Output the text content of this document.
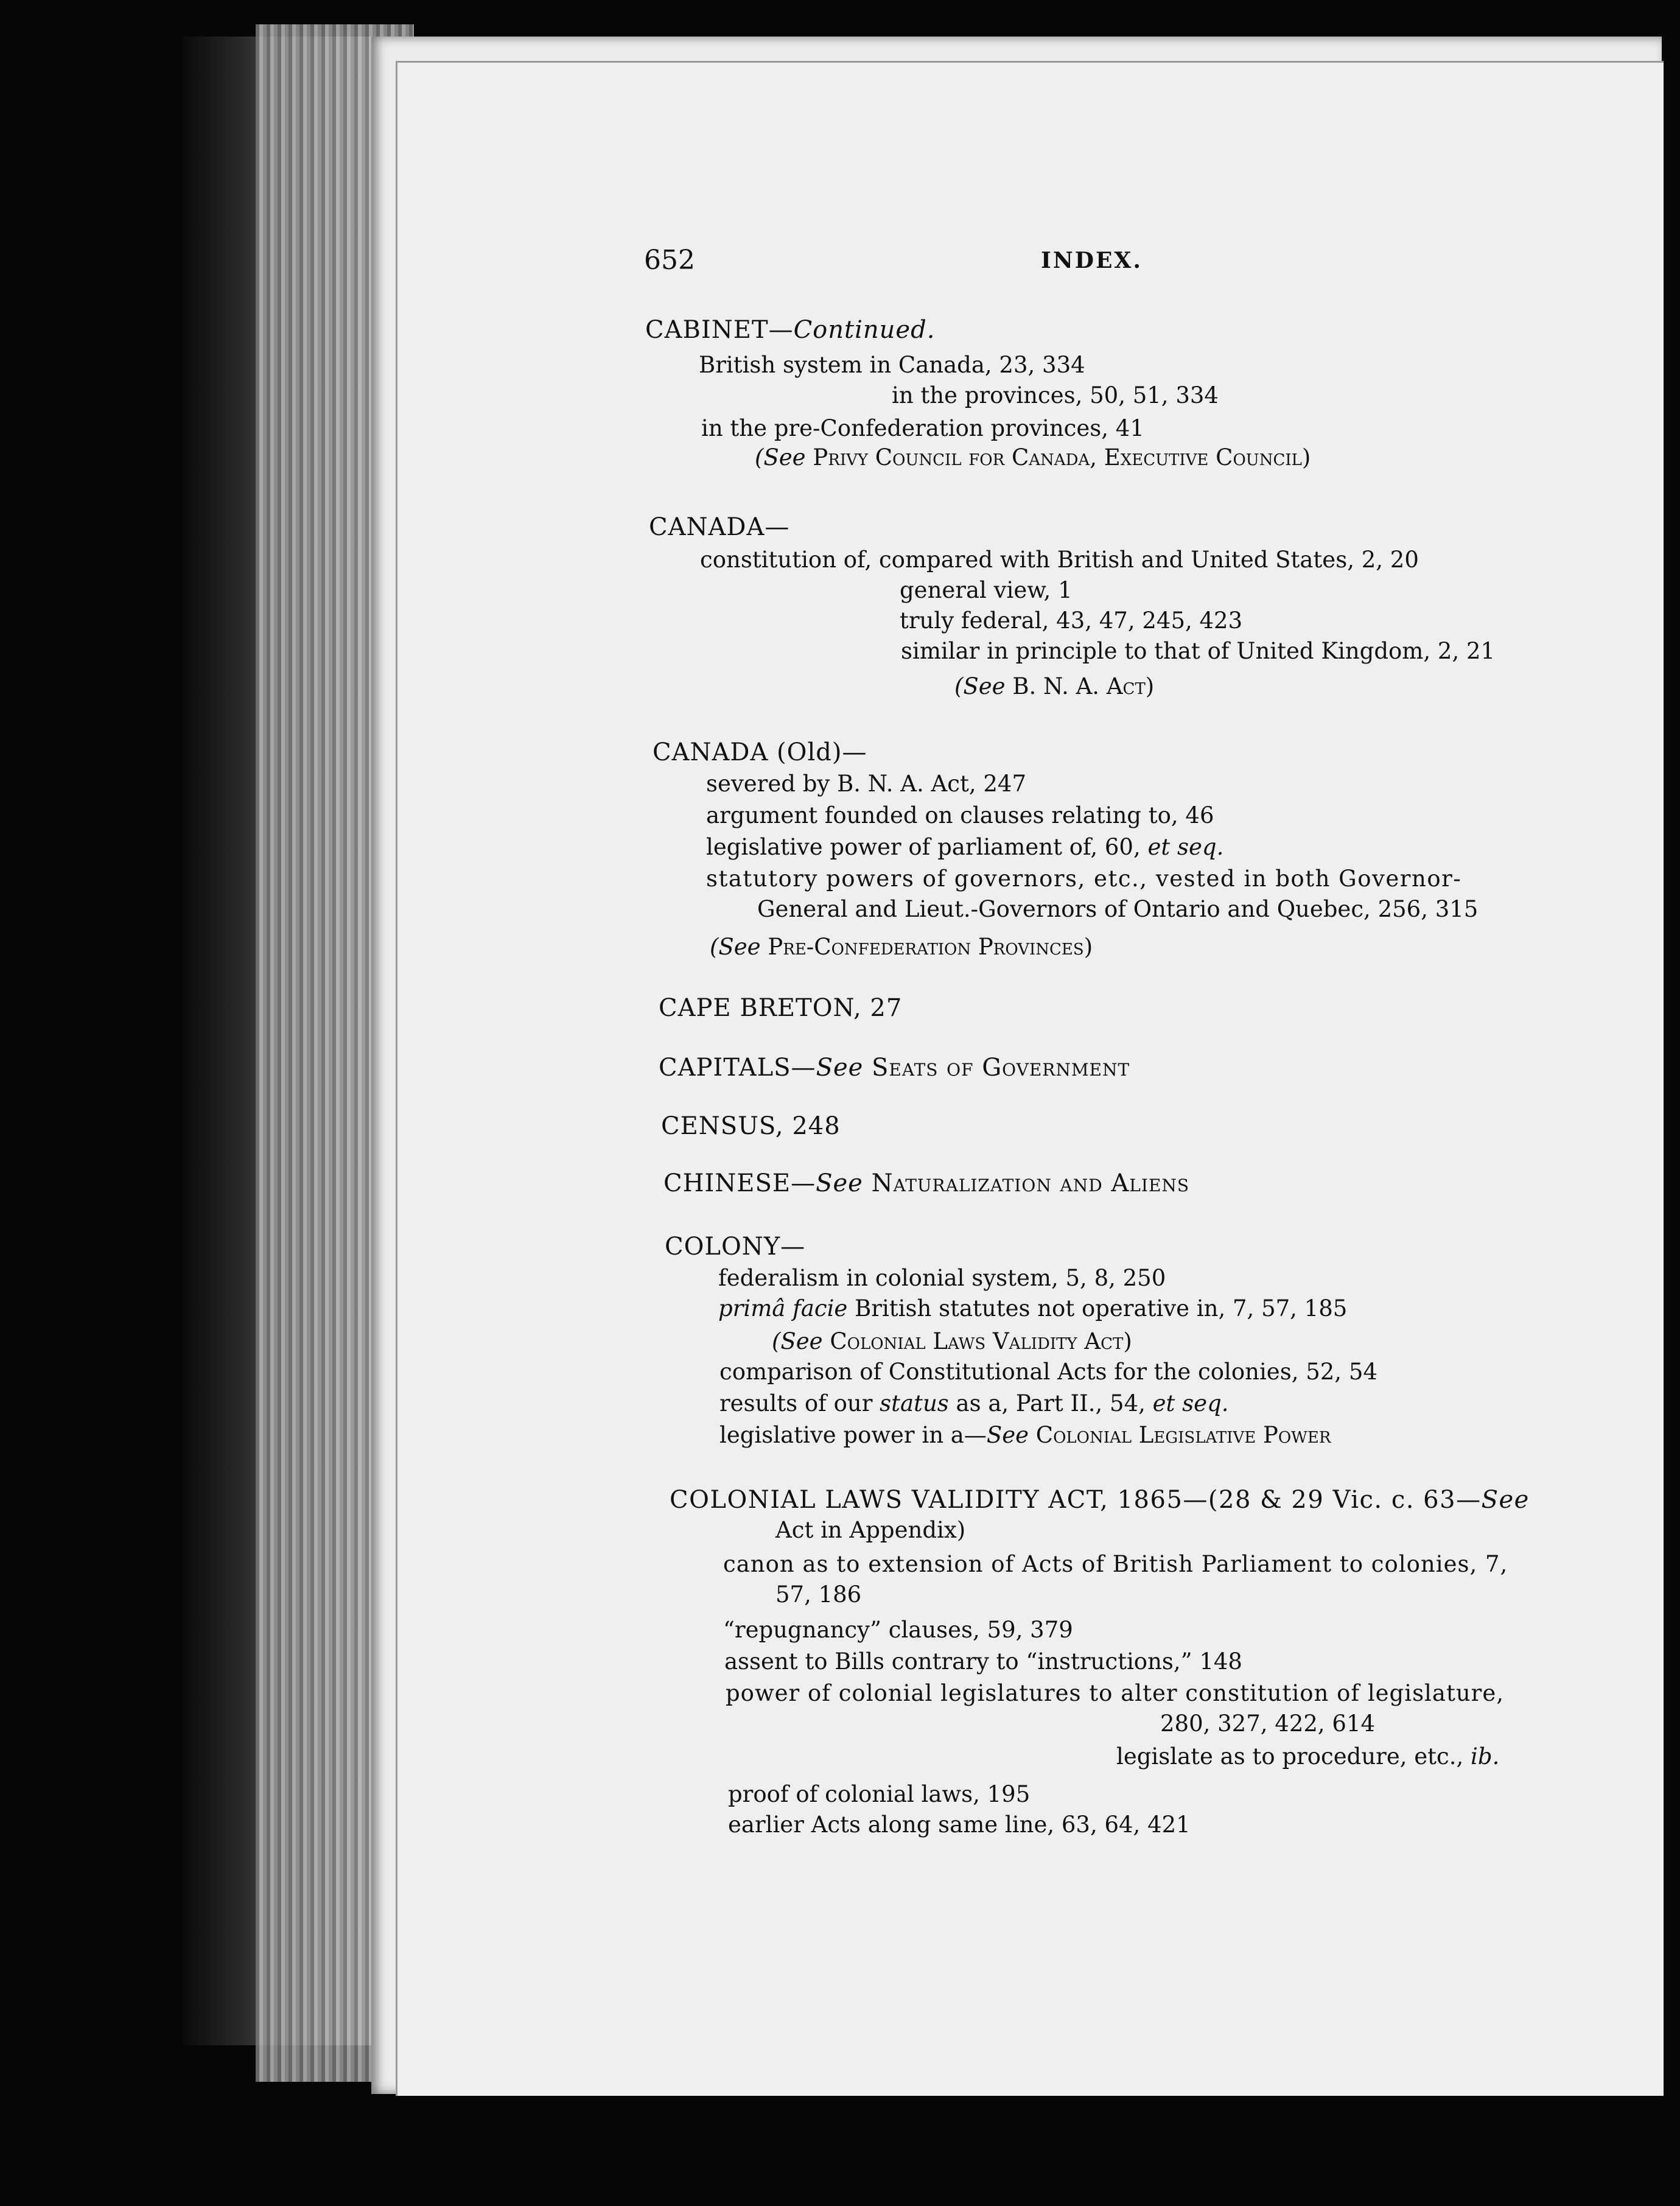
652	INDEX.
CABINET—Continued.
British system in Canada, 23, 334
in the provinces, 50, 51, 334
in the pre-Confederation provinces, 41
(See Privy Council for Canada, Executive Council)
CANADA—
constitution of, compared with British and United States, 2, 20
general view, 1
truly federal, 43, 47, 245, 423
similar in principle to that of United Kingdom, 2, 21
(See B. N. A. Act)
CANADA (Old)—
severed by B. N. A. Act, 247
argument founded on clauses relating to, 46
legislative power of parliament of, 60, et seq.
statutory powers of governors, etc., vested in both Governor-
General and Lieut.-Governors of Ontario and Quebec, 256, 315
(See Pre-Confederation Provinces)
CAPE BRETON, 27
CAPITALS—See Seats of Government
CENSUS, 248
CHINESE—See Naturalization and Aliens
COLONY—
federalism in colonial system, 5, 8, 250
primâ facie British statutes not operative in, 7, 57, 185
(See Colonial Laws Validity Act)
comparison of Constitutional Acts for the colonies, 52, 54
results of our status as a, Part II., 54, et seq.
legislative power in a—See Colonial Legislative Power
COLONIAL LAWS VALIDITY ACT, 1865—(28 & 29 Vic. c. 63—See
Act in Appendix)
canon as to extension of Acts of British Parliament to colonies, 7,
57, 186
“repugnancy” clauses, 59, 379
assent to Bills contrary to “instructions,” 148
power of colonial legislatures to alter constitution of legislature,
280, 327, 422, 614
legislate as to procedure, etc., ib.
proof of colonial laws, 195
earlier Acts along same line, 63, 64, 421
